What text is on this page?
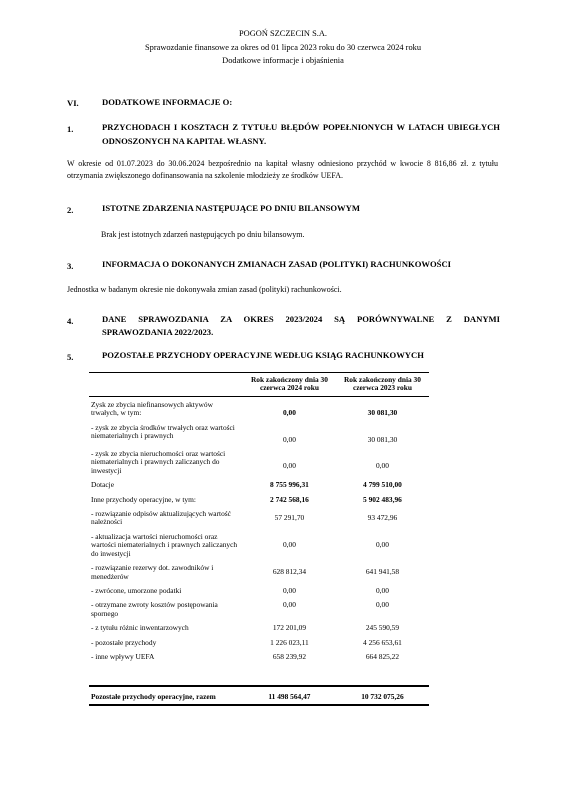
POGOŃ SZCZECIN S.A.
Sprawozdanie finansowe za okres od 01 lipca 2023 roku do 30 czerwca 2024 roku
Dodatkowe informacje i objaśnienia
VI.	DODATKOWE INFORMACJE O:
1.	PRZYCHODACH I KOSZTACH Z TYTUŁU BŁĘDÓW POPEŁNIONYCH W LATACH UBIEGŁYCH ODNOSZONYCH NA KAPITAŁ WŁASNY.
W okresie od 01.07.2023 do 30.06.2024 bezpośrednio na kapitał własny odniesiono przychód w kwocie 8 816,86 zł. z tytułu otrzymania zwiększonego dofinansowania na szkolenie młodzieży ze środków UEFA.
2.	ISTOTNE ZDARZENIA NASTĘPUJĄCE PO DNIU BILANSOWYM
Brak jest istotnych zdarzeń następujących po dniu bilansowym.
3.	INFORMACJA O DOKONANYCH ZMIANACH ZASAD (POLITYKI) RACHUNKOWOŚCI
Jednostka w badanym okresie nie dokonywała zmian zasad (polityki) rachunkowości.
4.	DANE SPRAWOZDANIA ZA OKRES 2023/2024 SĄ PORÓWNYWALNE Z DANYMI
SPRAWOZDANIA 2022/2023.
5.	POZOSTAŁE PRZYCHODY OPERACYJNE WEDŁUG KSIĄG RACHUNKOWYCH
	Rok zakończony dnia 30 czerwca 2024 roku	Rok zakończony dnia 30 czerwca 2023 roku
Zysk ze zbycia niefinansowych aktywów trwałych, w tym:	0,00	30 081,30
- zysk ze zbycia środków trwałych oraz wartości niematerialnych i prawnych	0,00	30 081,30
- zysk ze zbycia nieruchomości oraz wartości niematerialnych i prawnych zaliczanych do inwestycji	0,00	0,00
Dotacje	8 755 996,31	4 799 510,00
Inne przychody operacyjne, w tym:	2 742 568,16	5 902 483,96
- rozwiązanie odpisów aktualizujących wartość należności	57 291,70	93 472,96
- aktualizacja wartości nieruchomości oraz wartości niematerialnych i prawnych zaliczanych do inwestycji	0,00	0,00
- rozwiązanie rezerwy dot. zawodników i menedżerów	628 812,34	641 941,58
- zwrócone, umorzone podatki	0,00	0,00
- otrzymane zwroty kosztów postępowania spornego	0,00	0,00
- z tytułu różnic inwentarzowych	172 201,09	245 590,59
- pozostałe przychody	1 226 023,11	4 256 653,61
- inne wpływy UEFA	658 239,92	664 825,22
Pozostałe przychody operacyjne, razem	11 498 564,47	10 732 075,26
